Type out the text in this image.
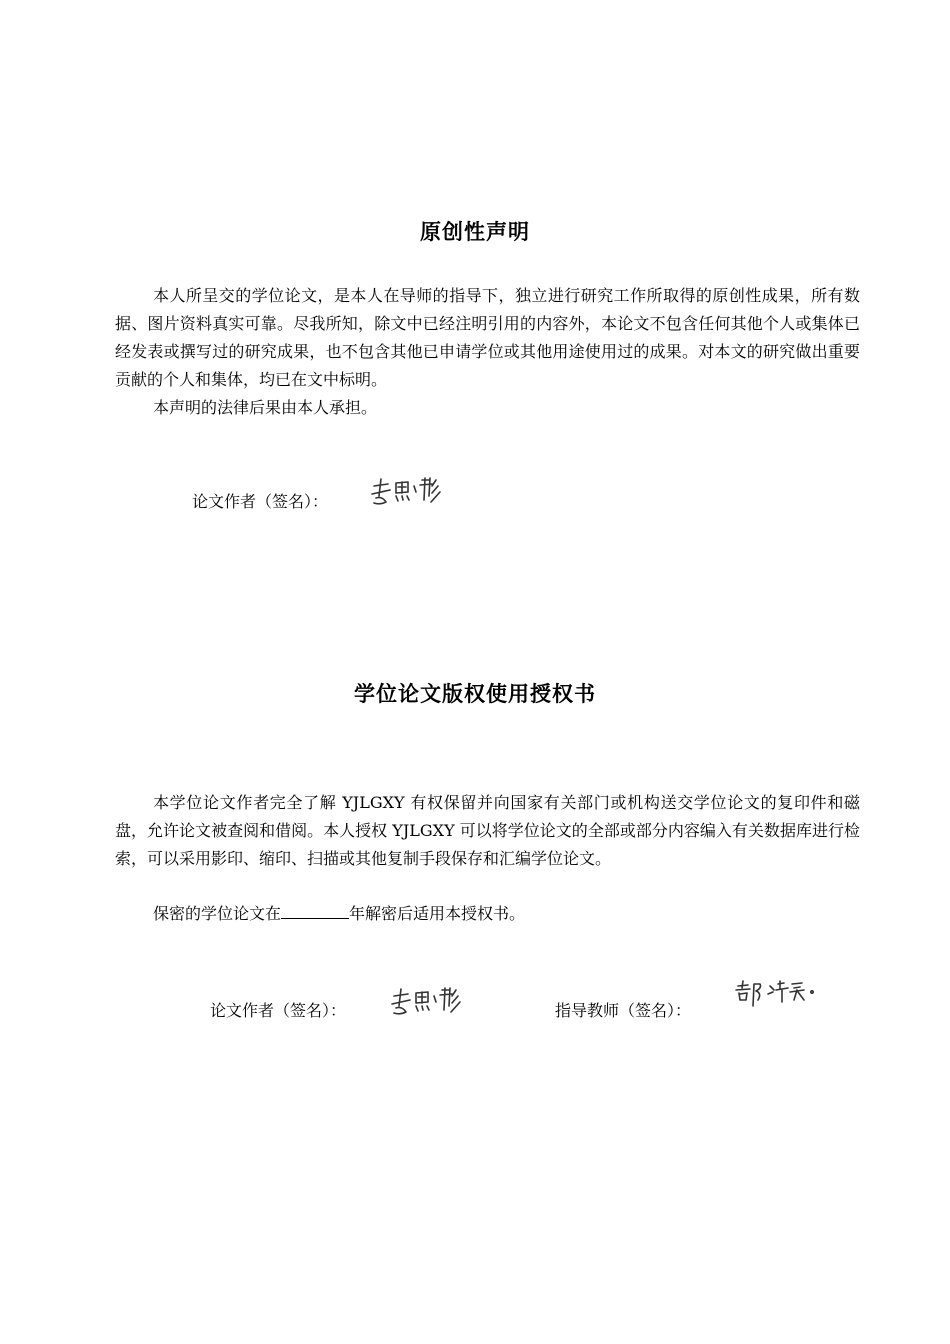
原创性声明

本人所呈交的学位论文，是本人在导师的指导下，独立进行研究工作所取得的原创性成果，所有数据、图片资料真实可靠。尽我所知，除文中已经注明引用的内容外，本论文不包含任何其他个人或集体已经发表或撰写过的研究成果，也不包含其他已申请学位或其他用途使用过的成果。对本文的研究做出重要贡献的个人和集体，均已在文中标明。

本声明的法律后果由本人承担。

论文作者（签名）：
学位论文版权使用授权书

本学位论文作者完全了解 YJLGXY 有权保留并向国家有关部门或机构送交学位论文的复印件和磁盘，允许论文被查阅和借阅。本人授权 YJLGXY 可以将学位论文的全部或部分内容编入有关数据库进行检索，可以采用影印、缩印、扫描或其他复制手段保存和汇编学位论文。

保密的学位论文在	年解密后适用本授权书。

论文作者（签名）：	指导教师（签名）：
